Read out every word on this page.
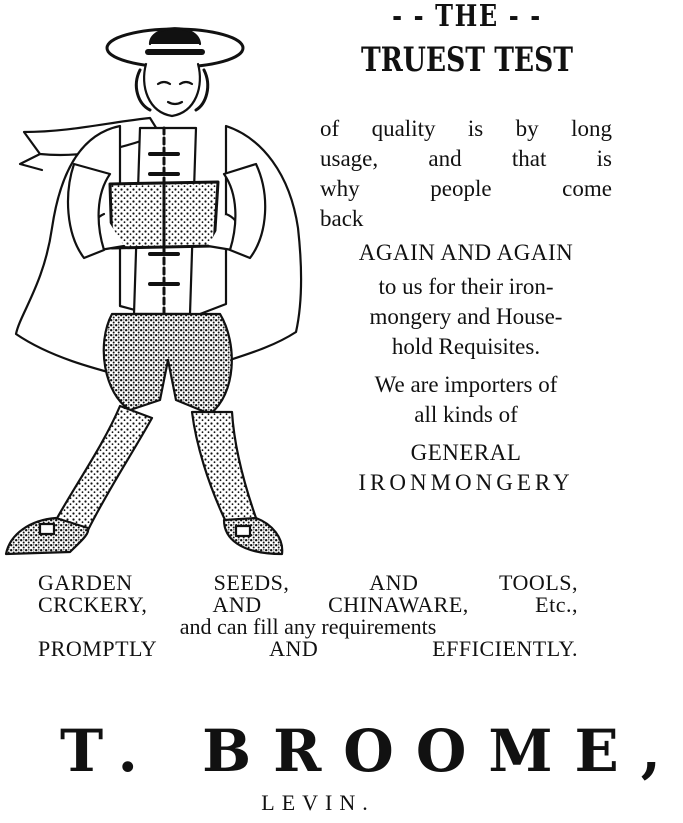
- - THE - -
TRUEST TEST
of quality is by long
usage, and that is
why people come
back
AGAIN AND AGAIN
to us for their iron-
mongery and House-
hold Requisites.
We are importers of
all kinds of
GENERAL
IRONMONGERY
GARDEN SEEDS, AND TOOLS,
CRCKERY, AND CHINAWARE, Etc.,
and can fill any requirements
PROMPTLY AND EFFICIENTLY.
T. BROOME,
LEVIN.
